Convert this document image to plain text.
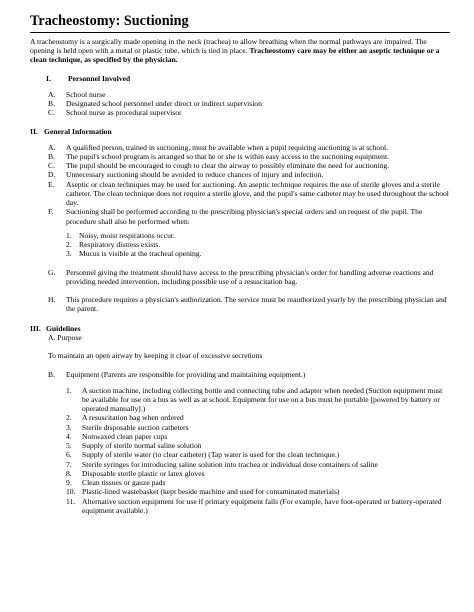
Tracheostomy: Suctioning

A tracheostomy is a surgically made opening in the neck (trachea) to allow breathing when the normal pathways are impaired. The opening is held open with a metal or plastic tube, which is tied in place. Tracheostomy care may be either an aseptic technique or a clean technique, as specified by the physician.

I. Personnel Involved
A.	School nurse
B.	Designated school personnel under direct or indirect supervision
C.	School nurse as procedural supervisor
II. General Information
A.	A qualified person, trained in suctioning, must be available when a pupil requiring auctioning is at school.
B.	The pupil's school program is arranged so that he or she is within easy access to the suctioning equipment.
C.	The pupil should be encouraged to cough to clear the airway to possibly eliminate the need for auctioning.
D.	Unnecessary suctioning should be avoided to reduce chances of injury and infection.
E.	Aseptic or clean techniques may be used for auctioning. An aseptic technique requires the use of sterile gloves and a sterile catheter. The clean technique does not require a sterile glove, and the pupil's same catheter may be used throughout the school day.
F.	Suctioning shall be performed according to the prescribing physician's special orders and on request of the pupil. The procedure shall also be performed when:
1. Noisy, moist respirations occur.
2. Respiratory distress exists.
3. Mucus is visible at the tracheal opening.
G.	Personnel giving the treatment should have access to the prescribing physician's order for handling adverse reactions and providing needed intervention, including possible use of a resuscitation bag.
H.	This procedure requires a physician's authorization. The service must be reauthorized yearly by the prescribing physician and the parent.
III. Guidelines

A. Purpose

To maintain an open airway by keeping it clear of excessive secretions

B.	Equipment (Parents are responsible for providing and maintaining equipment.)
1.	A suction machine, including collecting bottle and connecting tube and adapter when needed (Suction equipment must be available for use on a bus as well as at school. Equipment for use on a bus must be portable [powered by battery or operated manually].)
2.	A resuscitation bag when ordered
3.	Sterile disposable suction catheters
4.	Nonwaxed clean paper cups
5.	Supply of sterile normal saline solution
6.	Supply of sterile water (to clear catheter) (Tap water is used for the clean technique.)
7.	Sterile syringes for introducing saline solution into trachea or individual dose containers of saline
8.	Disposable sterile plastic or latex gloves
9.	Clean tissues or gauze pads
10. Plastic-lined wastebasket (kept beside machine and used for contaminated materials)
11. Alternative suction equipment for use if primary equipment fails (For example, have foot-operated or battery-operated equipment available.)
